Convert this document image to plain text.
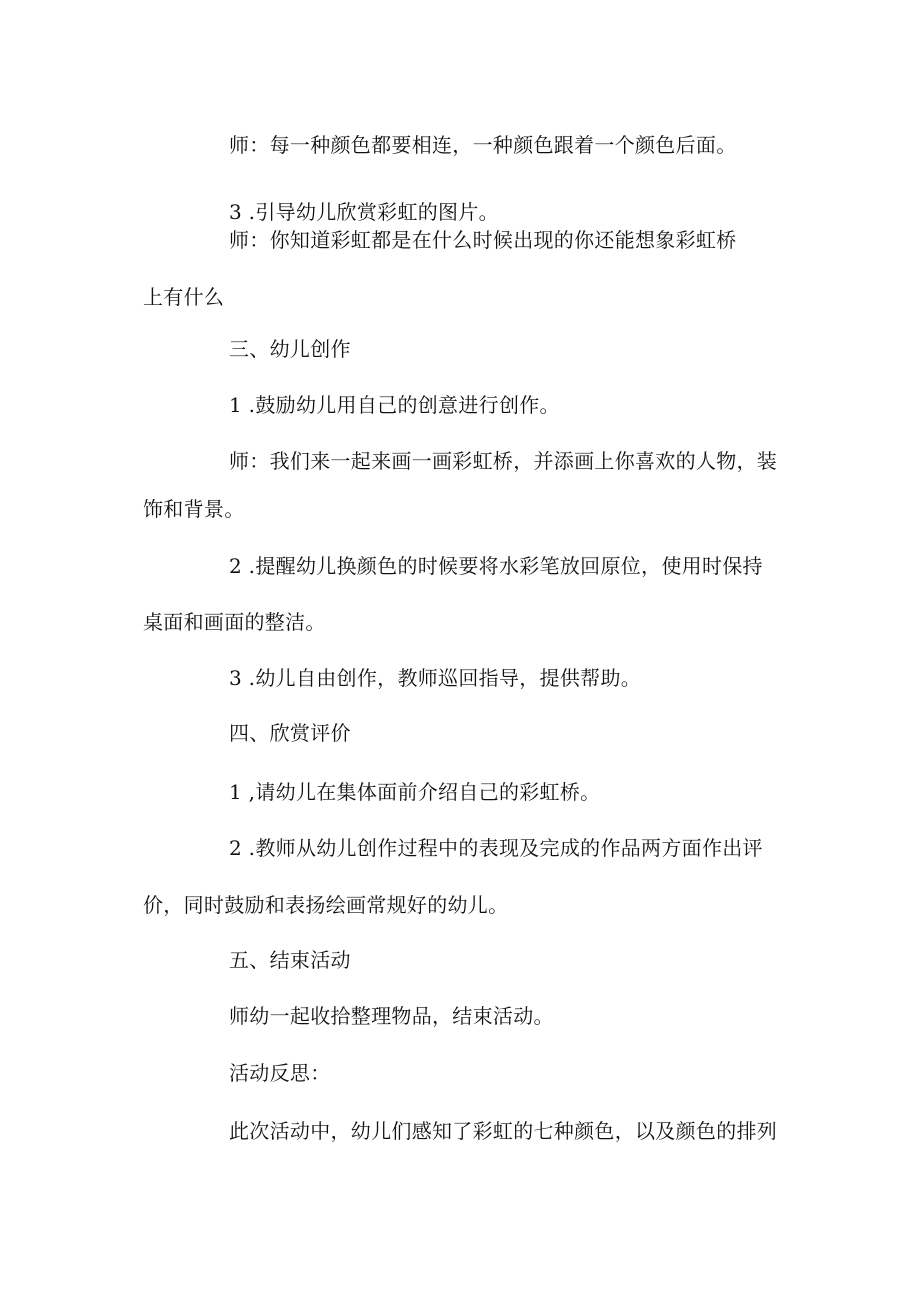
师：每一种颜色都要相连，一种颜色跟着一个颜色后面。
3 .引导幼儿欣赏彩虹的图片。
师：你知道彩虹都是在什么时候出现的你还能想象彩虹桥
上有什么
三、幼儿创作
1 .鼓励幼儿用自己的创意进行创作。
师：我们来一起来画一画彩虹桥，并添画上你喜欢的人物，装
饰和背景。
2 .提醒幼儿换颜色的时候要将水彩笔放回原位，使用时保持
桌面和画面的整洁。
3 .幼儿自由创作，教师巡回指导，提供帮助。
四、欣赏评价
1 ,请幼儿在集体面前介绍自己的彩虹桥。
2 .教师从幼儿创作过程中的表现及完成的作品两方面作出评
价，同时鼓励和表扬绘画常规好的幼儿。
五、结束活动
师幼一起收拾整理物品，结束活动。
活动反思：
此次活动中，幼儿们感知了彩虹的七种颜色，以及颜色的排列
